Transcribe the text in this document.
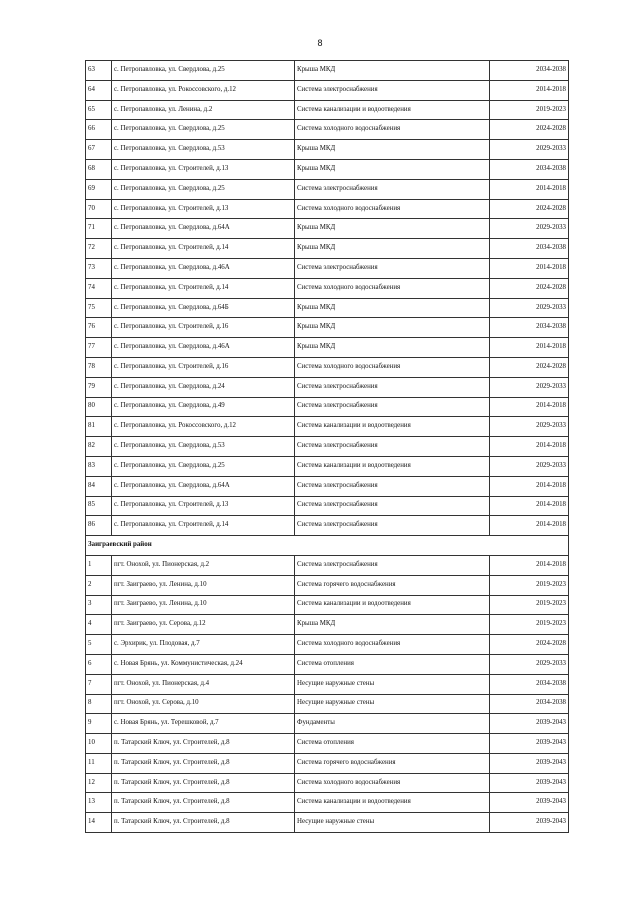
8
63	с. Петропавловка, ул. Свердлова, д.25	Крыша МКД	2034-2038
64	с. Петропавловка, ул. Рокоссовского, д.12	Система электроснабжения	2014-2018
65	с. Петропавловка, ул. Ленина, д.2	Система канализации и водоотведения	2019-2023
66	с. Петропавловка, ул. Свердлова, д.25	Система холодного водоснабжения	2024-2028
67	с. Петропавловка, ул. Свердлова, д.53	Крыша МКД	2029-2033
68	с. Петропавловка, ул. Строителей, д.13	Крыша МКД	2034-2038
69	с. Петропавловка, ул. Свердлова, д.25	Система электроснабжения	2014-2018
70	с. Петропавловка, ул. Строителей, д.13	Система холодного водоснабжения	2024-2028
71	с. Петропавловка, ул. Свердлова, д.64А	Крыша МКД	2029-2033
72	с. Петропавловка, ул. Строителей, д.14	Крыша МКД	2034-2038
73	с. Петропавловка, ул. Свердлова, д.46А	Система электроснабжения	2014-2018
74	с. Петропавловка, ул. Строителей, д.14	Система холодного водоснабжения	2024-2028
75	с. Петропавловка, ул. Свердлова, д.64Б	Крыша МКД	2029-2033
76	с. Петропавловка, ул. Строителей, д.16	Крыша МКД	2034-2038
77	с. Петропавловка, ул. Свердлова, д.46А	Крыша МКД	2014-2018
78	с. Петропавловка, ул. Строителей, д.16	Система холодного водоснабжения	2024-2028
79	с. Петропавловка, ул. Свердлова, д.24	Система электроснабжения	2029-2033
80	с. Петропавловка, ул. Свердлова, д.49	Система электроснабжения	2014-2018
81	с. Петропавловка, ул. Рокоссовского, д.12	Система канализации и водоотведения	2029-2033
82	с. Петропавловка, ул. Свердлова, д.53	Система электроснабжения	2014-2018
83	с. Петропавловка, ул. Свердлова, д.25	Система канализации и водоотведения	2029-2033
84	с. Петропавловка, ул. Свердлова, д.64А	Система электроснабжения	2014-2018
85	с. Петропавловка, ул. Строителей, д.13	Система электроснабжения	2014-2018
86	с. Петропавловка, ул. Строителей, д.14	Система электроснабжения	2014-2018
Заиграевский район			
1	пгт. Онохой, ул. Пионерская, д.2	Система электроснабжения	2014-2018
2	пгт. Заиграево, ул. Ленина, д.10	Система горячего водоснабжения	2019-2023
3	пгт. Заиграево, ул. Ленина, д.10	Система канализации и водоотведения	2019-2023
4	пгт. Заиграево, ул. Серова, д.12	Крыша МКД	2019-2023
5	с. Эрхирик, ул. Плодовая, д.7	Система холодного водоснабжения	2024-2028
6	с. Новая Брянь, ул. Коммунистическая, д.24	Система отопления	2029-2033
7	пгт. Онохой, ул. Пионерская, д.4	Несущие наружные стены	2034-2038
8	пгт. Онохой, ул. Серова, д.10	Несущие наружные стены	2034-2038
9	с. Новая Брянь, ул. Терешковой, д.7	Фундаменты	2039-2043
10	п. Татарский Ключ, ул. Строителей, д.8	Система отопления	2039-2043
11	п. Татарский Ключ, ул. Строителей, д.8	Система горячего водоснабжения	2039-2043
12	п. Татарский Ключ, ул. Строителей, д.8	Система холодного водоснабжения	2039-2043
13	п. Татарский Ключ, ул. Строителей, д.8	Система канализации и водоотведения	2039-2043
14	п. Татарский Ключ, ул. Строителей, д.8	Несущие наружные стены	2039-2043
